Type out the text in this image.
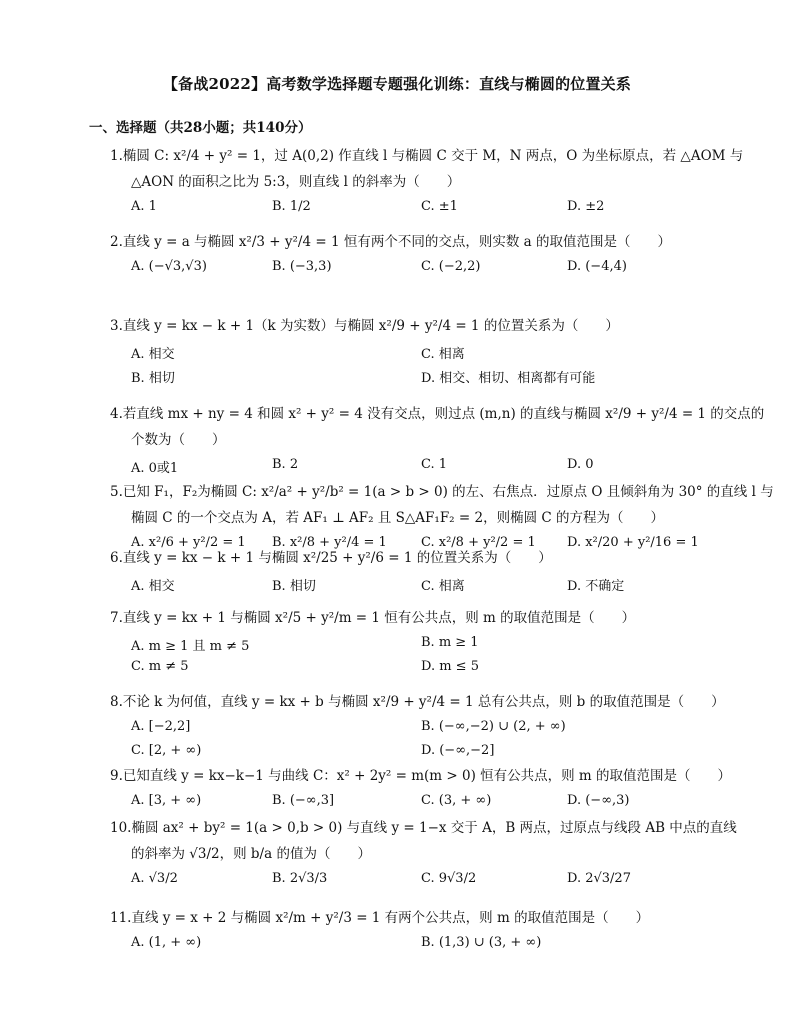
【备战2022】高考数学选择题专题强化训练：直线与椭圆的位置关系
一、选择题（共28小题；共140分）
1.椭圆 C: x²/4 + y² = 1，过 A(0,2) 作直线 l 与椭圆 C 交于 M，N 两点，O 为坐标原点，若 △AOM 与
△AON 的面积之比为 5:3，则直线 l 的斜率为（　　）
A. 1	B. 1/2	C. ±1	D. ±2
2.直线 y = a 与椭圆 x²/3 + y²/4 = 1 恒有两个不同的交点，则实数 a 的取值范围是（　　）
A. (−√3,√3)	B. (−3,3)	C. (−2,2)	D. (−4,4)
3.直线 y = kx − k + 1（k 为实数）与椭圆 x²/9 + y²/4 = 1 的位置关系为（　　）
A. 相交	C. 相离
B. 相切	D. 相交、相切、相离都有可能
4.若直线 mx + ny = 4 和圆 x² + y² = 4 没有交点，则过点 (m,n) 的直线与椭圆 x²/9 + y²/4 = 1 的交点的
个数为（　　）
A. 0或1	B. 2	C. 1	D. 0
5.已知 F₁，F₂为椭圆 C: x²/a² + y²/b² = 1(a > b > 0) 的左、右焦点．过原点 O 且倾斜角为 30° 的直线 l 与
椭圆 C 的一个交点为 A，若 AF₁ ⊥ AF₂ 且 S△AF₁F₂ = 2，则椭圆 C 的方程为（　　）
A. x²/6 + y²/2 = 1 B. x²/8 + y²/4 = 1	C. x²/8 + y²/2 = 1 D. x²/20 + y²/16 = 1
6.直线 y = kx − k + 1 与椭圆 x²/25 + y²/6 = 1 的位置关系为（　　）
A. 相交	B. 相切	C. 相离	D. 不确定
7.直线 y = kx + 1 与椭圆 x²/5 + y²/m = 1 恒有公共点，则 m 的取值范围是（　　）
A. m ≥ 1 且 m ≠ 5	B. m ≥ 1
C. m ≠ 5	D. m ≤ 5
8.不论 k 为何值，直线 y = kx + b 与椭圆 x²/9 + y²/4 = 1 总有公共点，则 b 的取值范围是（　　）
A. [−2,2]	B. (−∞,−2) ∪ (2, + ∞)
C. [2, + ∞)	D. (−∞,−2]
9.已知直线 y = kx−k−1 与曲线 C：x² + 2y² = m(m > 0) 恒有公共点，则 m 的取值范围是（　　）
A. [3, + ∞)	B. (−∞,3]	C. (3, + ∞)	D. (−∞,3)
10.椭圆 ax² + by² = 1(a > 0,b > 0) 与直线 y = 1−x 交于 A，B 两点，过原点与线段 AB 中点的直线
的斜率为 √3/2，则 b/a 的值为（　　）
A. √3/2	B. 2√3/3	C. 9√3/2	D. 2√3/27
11.直线 y = x + 2 与椭圆 x²/m + y²/3 = 1 有两个公共点，则 m 的取值范围是（　　）
A. (1, + ∞)	B. (1,3) ∪ (3, + ∞)
